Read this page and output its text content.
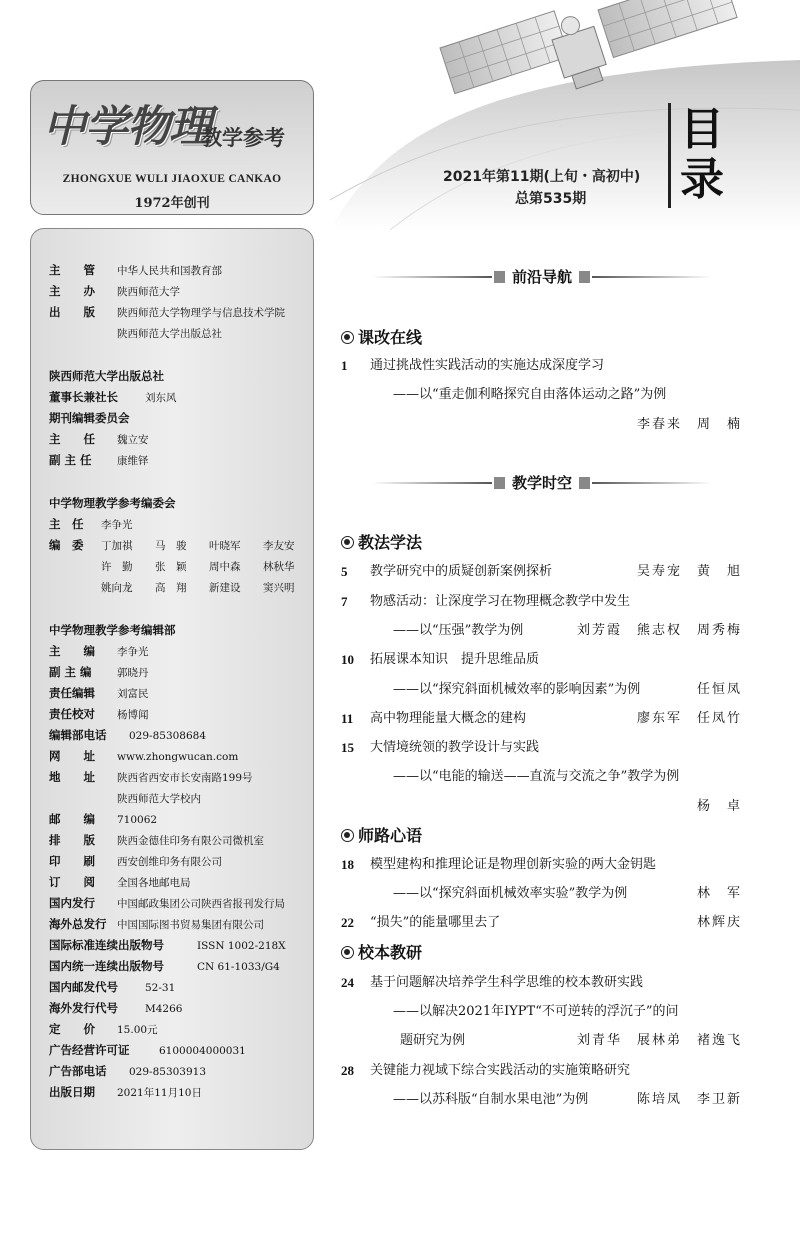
中学物理
教学参考
ZHONGXUE WULI JIAOXUE CANKAO
1972年创刊
2021年第11期(上旬・高初中)
总第535期
目
录
主　　管 中华人民共和国教育部
主　　办 陕西师范大学
出　　版 陕西师范大学物理学与信息技术学院
陕西师范大学出版总社
陕西师范大学出版总社
董事长兼社长	刘东风
期刊编辑委员会
主　　任 魏立安
副 主 任 康维铎
中学物理教学参考编委会
主　任 李争光
编　委 丁加祺 马　骏 叶晓军 李友安
许　勤 张　颖 周中森 林秋华
姚向龙 高　翔 新建设 窦兴明
中学物理教学参考编辑部
主　　编 李争光
副 主 编 郭晓丹
责任编辑 刘富民
责任校对 杨博闻
编辑部电话 029-85308684
网　　址 www.zhongwucan.com
地　　址 陕西省西安市长安南路199号
陕西师范大学校内
邮　　编 710062
排　　版 陕西金德佳印务有限公司微机室
印　　刷 西安创维印务有限公司
订　　阅 全国各地邮电局
国内发行 中国邮政集团公司陕西省报刊发行局
海外总发行 中国国际图书贸易集团有限公司
国际标准连续出版物号	ISSN 1002-218X
国内统一连续出版物号	CN 61-1033/G4
国内邮发代号	52-31
海外发行代号	M4266
定　　价 15.00元
广告经营许可证	6100004000031
广告部电话 029-85303913
出版日期 2021年11月10日
前沿导航
课改在线
1 通过挑战性实践活动的实施达成深度学习
——以“重走伽利略探究自由落体运动之路”为例
李春来　周　楠
教学时空
教法学法
5 教学研究中的质疑创新案例探析	吴寿宠　黄　旭
7 物感活动：让深度学习在物理概念教学中发生
——以“压强”教学为例	刘芳霞　熊志权　周秀梅
10 拓展课本知识　提升思维品质
——以“探究斜面机械效率的影响因素”为例	任恒凤
11 高中物理能量大概念的建构	廖东军　任凤竹
15 大情境统领的教学设计与实践
——以“电能的输送——直流与交流之争”教学为例
杨　卓
师路心语
18 模型建构和推理论证是物理创新实验的两大金钥匙
——以“探究斜面机械效率实验”教学为例	林　军
22 “损失”的能量哪里去了	林辉庆
校本教研
24 基于问题解决培养学生科学思维的校本教研实践
——以解决2021年IYPT“不可逆转的浮沉子”的问
题研究为例	刘青华　展林弟　褚逸飞
28 关键能力视域下综合实践活动的实施策略研究
——以苏科版“自制水果电池”为例	陈培凤　李卫新
